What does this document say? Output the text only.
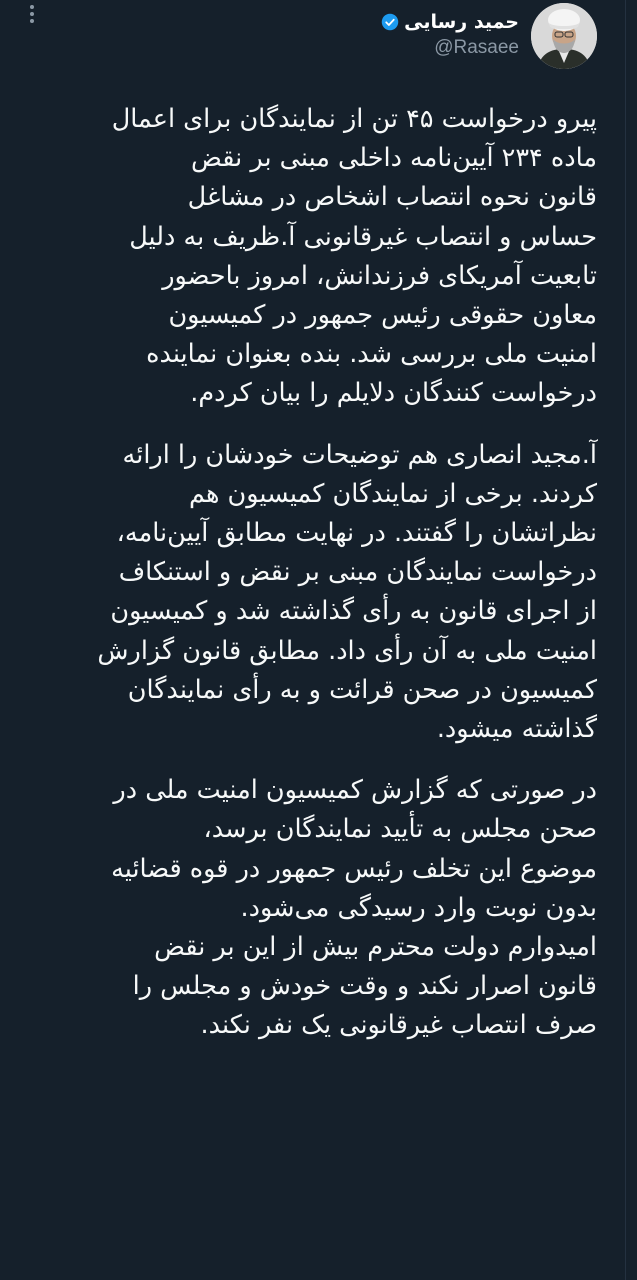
حمید رسایی
@Rasaee

پیرو درخواست ۴۵ تن از نمایندگان برای اعمال
ماده ۲۳۴ آیین‌نامه داخلی مبنی بر نقض
قانون نحوه انتصاب اشخاص در مشاغل
حساس و انتصاب غیرقانونی آ.ظریف به دلیل
تابعیت آمریکای فرزندانش، امروز باحضور
معاون حقوقی رئیس جمهور در کمیسیون
امنیت ملی بررسی شد. بنده بعنوان نماینده
درخواست کنندگان دلایلم را بیان کردم.

آ.مجید انصاری هم توضیحات خودشان را ارائه
کردند. برخی از نمایندگان کمیسیون هم
نظراتشان را گفتند. در نهایت مطابق آیین‌نامه،
درخواست نمایندگان مبنی بر نقض و استنکاف
از اجرای قانون به رأی گذاشته شد و کمیسیون
امنیت ملی به آن رأی داد. مطابق قانون گزارش
کمیسیون در صحن قرائت و به رأی نمایندگان
گذاشته میشود.

در صورتی که گزارش کمیسیون امنیت ملی در
صحن مجلس به تأیید نمایندگان برسد،
موضوع این تخلف رئیس جمهور در قوه قضائیه
بدون نوبت وارد رسیدگی می‌شود.
امیدوارم دولت محترم بیش از این بر نقض
قانون اصرار نکند و وقت خودش و مجلس را
صرف انتصاب غیرقانونی یک نفر نکند.
